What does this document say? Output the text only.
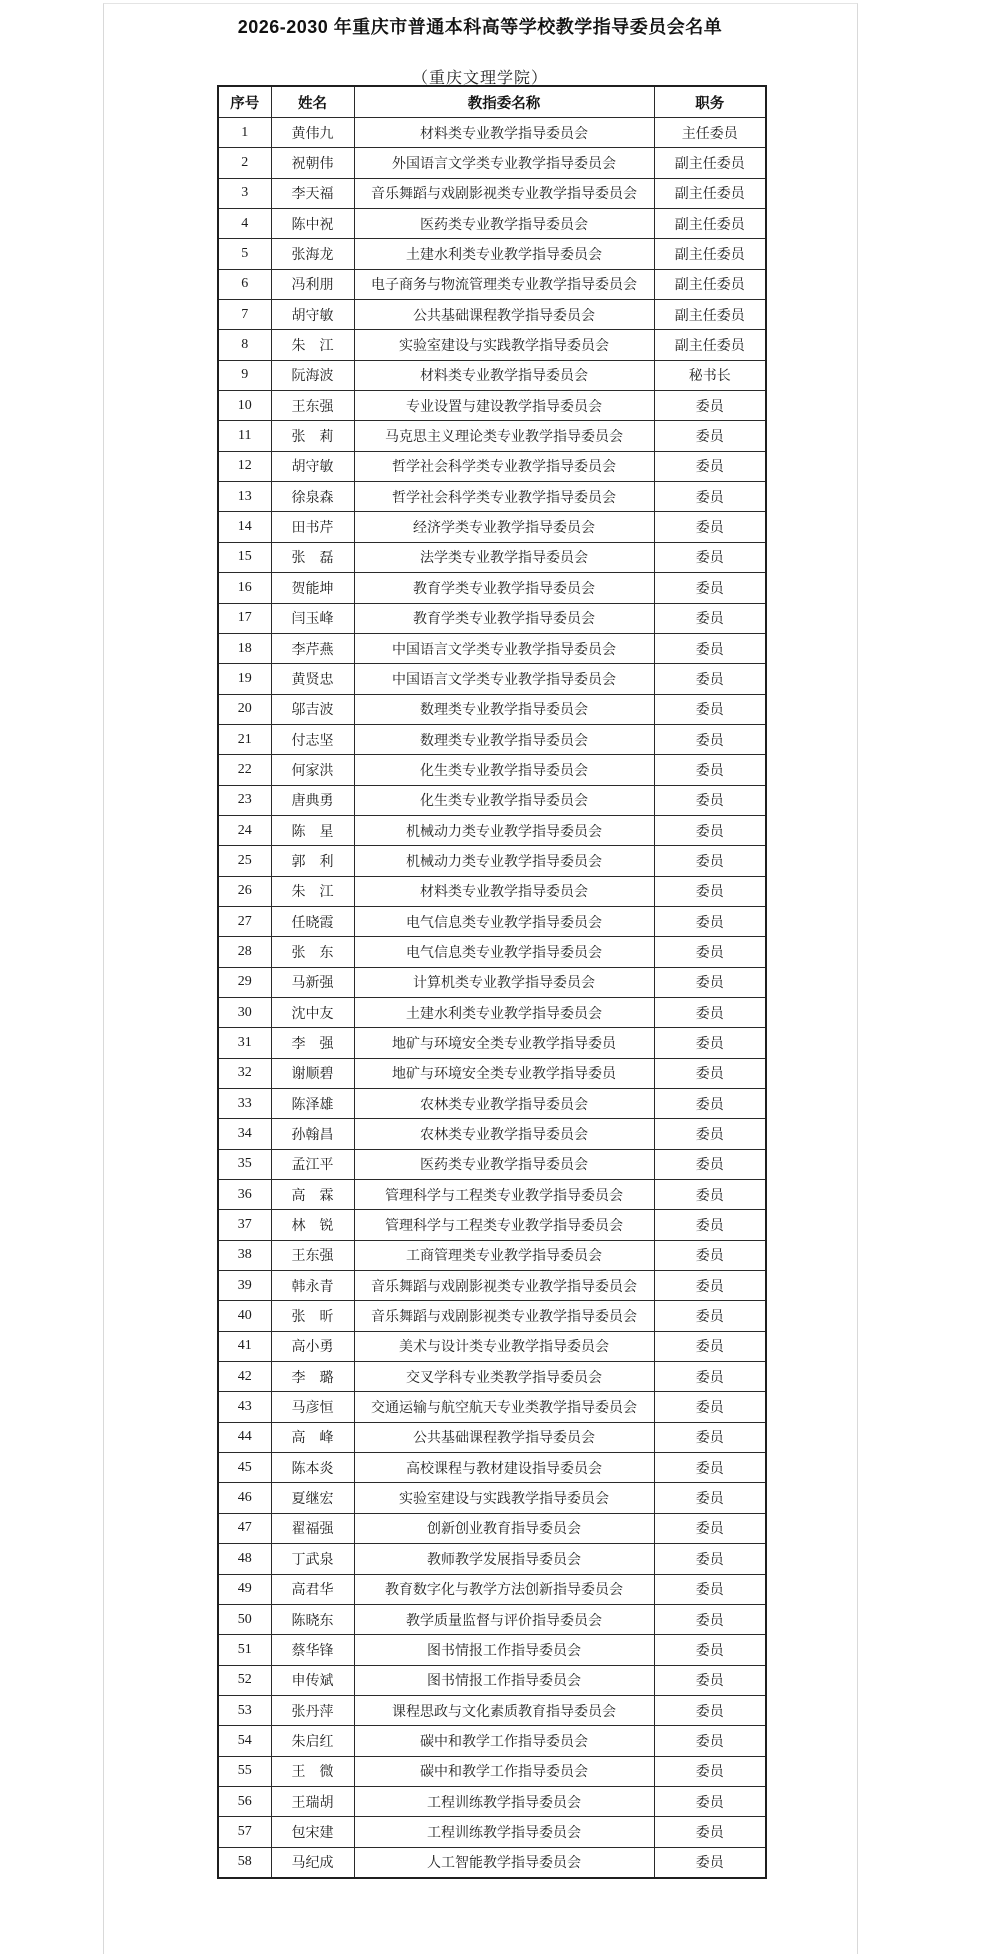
2026-2030 年重庆市普通本科高等学校教学指导委员会名单
（重庆文理学院）
序号	姓名	教指委名称	职务
1	黄伟九	材料类专业教学指导委员会	主任委员
2	祝朝伟	外国语言文学类专业教学指导委员会	副主任委员
3	李天福	音乐舞蹈与戏剧影视类专业教学指导委员会	副主任委员
4	陈中祝	医药类专业教学指导委员会	副主任委员
5	张海龙	土建水利类专业教学指导委员会	副主任委员
6	冯利朋	电子商务与物流管理类专业教学指导委员会	副主任委员
7	胡守敏	公共基础课程教学指导委员会	副主任委员
8	朱　江	实验室建设与实践教学指导委员会	副主任委员
9	阮海波	材料类专业教学指导委员会	秘书长
10	王东强	专业设置与建设教学指导委员会	委员
11	张　莉	马克思主义理论类专业教学指导委员会	委员
12	胡守敏	哲学社会科学类专业教学指导委员会	委员
13	徐泉森	哲学社会科学类专业教学指导委员会	委员
14	田书芹	经济学类专业教学指导委员会	委员
15	张　磊	法学类专业教学指导委员会	委员
16	贺能坤	教育学类专业教学指导委员会	委员
17	闫玉峰	教育学类专业教学指导委员会	委员
18	李芹燕	中国语言文学类专业教学指导委员会	委员
19	黄贤忠	中国语言文学类专业教学指导委员会	委员
20	邬吉波	数理类专业教学指导委员会	委员
21	付志坚	数理类专业教学指导委员会	委员
22	何家洪	化生类专业教学指导委员会	委员
23	唐典勇	化生类专业教学指导委员会	委员
24	陈　星	机械动力类专业教学指导委员会	委员
25	郭　利	机械动力类专业教学指导委员会	委员
26	朱　江	材料类专业教学指导委员会	委员
27	任晓霞	电气信息类专业教学指导委员会	委员
28	张　东	电气信息类专业教学指导委员会	委员
29	马新强	计算机类专业教学指导委员会	委员
30	沈中友	土建水利类专业教学指导委员会	委员
31	李　强	地矿与环境安全类专业教学指导委员	委员
32	谢顺碧	地矿与环境安全类专业教学指导委员	委员
33	陈泽雄	农林类专业教学指导委员会	委员
34	孙翰昌	农林类专业教学指导委员会	委员
35	孟江平	医药类专业教学指导委员会	委员
36	高　霖	管理科学与工程类专业教学指导委员会	委员
37	林　锐	管理科学与工程类专业教学指导委员会	委员
38	王东强	工商管理类专业教学指导委员会	委员
39	韩永青	音乐舞蹈与戏剧影视类专业教学指导委员会	委员
40	张　昕	音乐舞蹈与戏剧影视类专业教学指导委员会	委员
41	高小勇	美术与设计类专业教学指导委员会	委员
42	李　璐	交叉学科专业类教学指导委员会	委员
43	马彦恒	交通运输与航空航天专业类教学指导委员会	委员
44	高　峰	公共基础课程教学指导委员会	委员
45	陈本炎	高校课程与教材建设指导委员会	委员
46	夏继宏	实验室建设与实践教学指导委员会	委员
47	翟福强	创新创业教育指导委员会	委员
48	丁武泉	教师教学发展指导委员会	委员
49	高君华	教育数字化与教学方法创新指导委员会	委员
50	陈晓东	教学质量监督与评价指导委员会	委员
51	蔡华锋	图书情报工作指导委员会	委员
52	申传斌	图书情报工作指导委员会	委员
53	张丹萍	课程思政与文化素质教育指导委员会	委员
54	朱启红	碳中和教学工作指导委员会	委员
55	王　微	碳中和教学工作指导委员会	委员
56	王瑞胡	工程训练教学指导委员会	委员
57	包宋建	工程训练教学指导委员会	委员
58	马纪成	人工智能教学指导委员会	委员
